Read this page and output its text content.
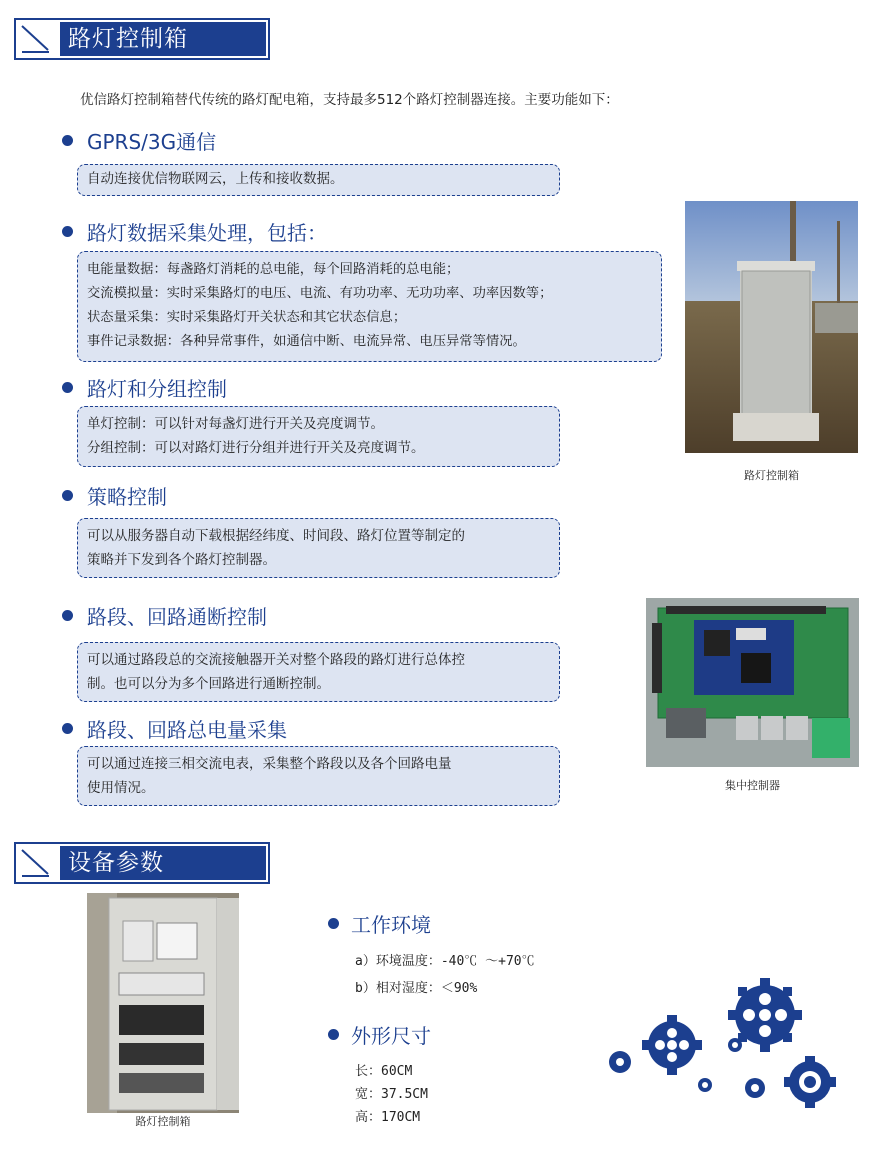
路灯控制箱
优信路灯控制箱替代传统的路灯配电箱，支持最多512个路灯控制器连接。主要功能如下：
GPRS/3G通信
自动连接优信物联网云，上传和接收数据。
路灯数据采集处理，包括：
电能量数据：每盏路灯消耗的总电能，每个回路消耗的总电能；
交流模拟量：实时采集路灯的电压、电流、有功功率、无功功率、功率因数等；
状态量采集：实时采集路灯开关状态和其它状态信息；
事件记录数据：各种异常事件，如通信中断、电流异常、电压异常等情况。
路灯和分组控制
单灯控制：可以针对每盏灯进行开关及亮度调节。
分组控制：可以对路灯进行分组并进行开关及亮度调节。
策略控制
可以从服务器自动下载根据经纬度、时间段、路灯位置等制定的
策略并下发到各个路灯控制器。
路段、回路通断控制
可以通过路段总的交流接触器开关对整个路段的路灯进行总体控
制。也可以分为多个回路进行通断控制。
路段、回路总电量采集
可以通过连接三相交流电表，采集整个路段以及各个回路电量
使用情况。
路灯控制箱
集中控制器
设备参数
路灯控制箱
工作环境
a）环境温度：-40℃ ～+70℃
b）相对湿度：＜90%
外形尺寸
长：60CM
宽：37.5CM
高：170CM
